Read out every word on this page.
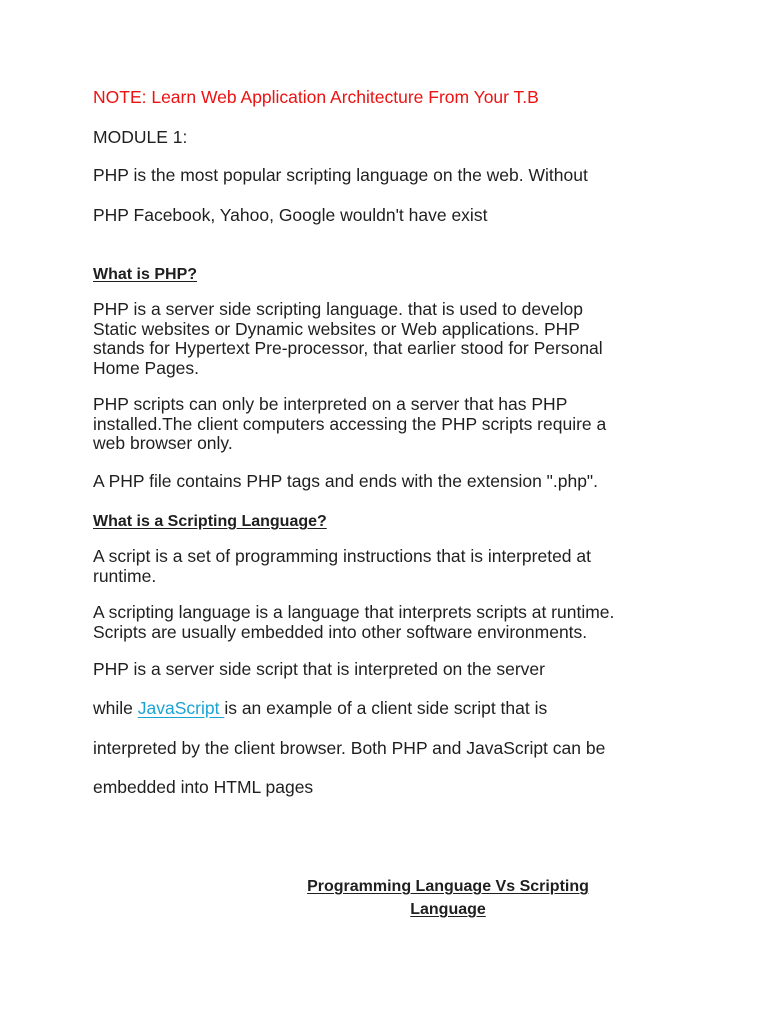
NOTE: Learn Web Application Architecture From Your T.B

MODULE 1:

PHP is the most popular scripting language on the web. Without

PHP Facebook, Yahoo, Google wouldn't have exist

What is PHP?

PHP is a server side scripting language. that is used to develop
Static websites or Dynamic websites or Web applications. PHP
stands for Hypertext Pre-processor, that earlier stood for Personal
Home Pages.
PHP scripts can only be interpreted on a server that has PHP
installed.The client computers accessing the PHP scripts require a
web browser only.

A PHP file contains PHP tags and ends with the extension ".php".

What is a Scripting Language?

A script is a set of programming instructions that is interpreted at
runtime.
A scripting language is a language that interprets scripts at runtime.
Scripts are usually embedded into other software environments.

PHP is a server side script that is interpreted on the server

while JavaScript is an example of a client side script that is

interpreted by the client browser. Both PHP and JavaScript can be

embedded into HTML pages

Programming Language Vs Scripting
Language
